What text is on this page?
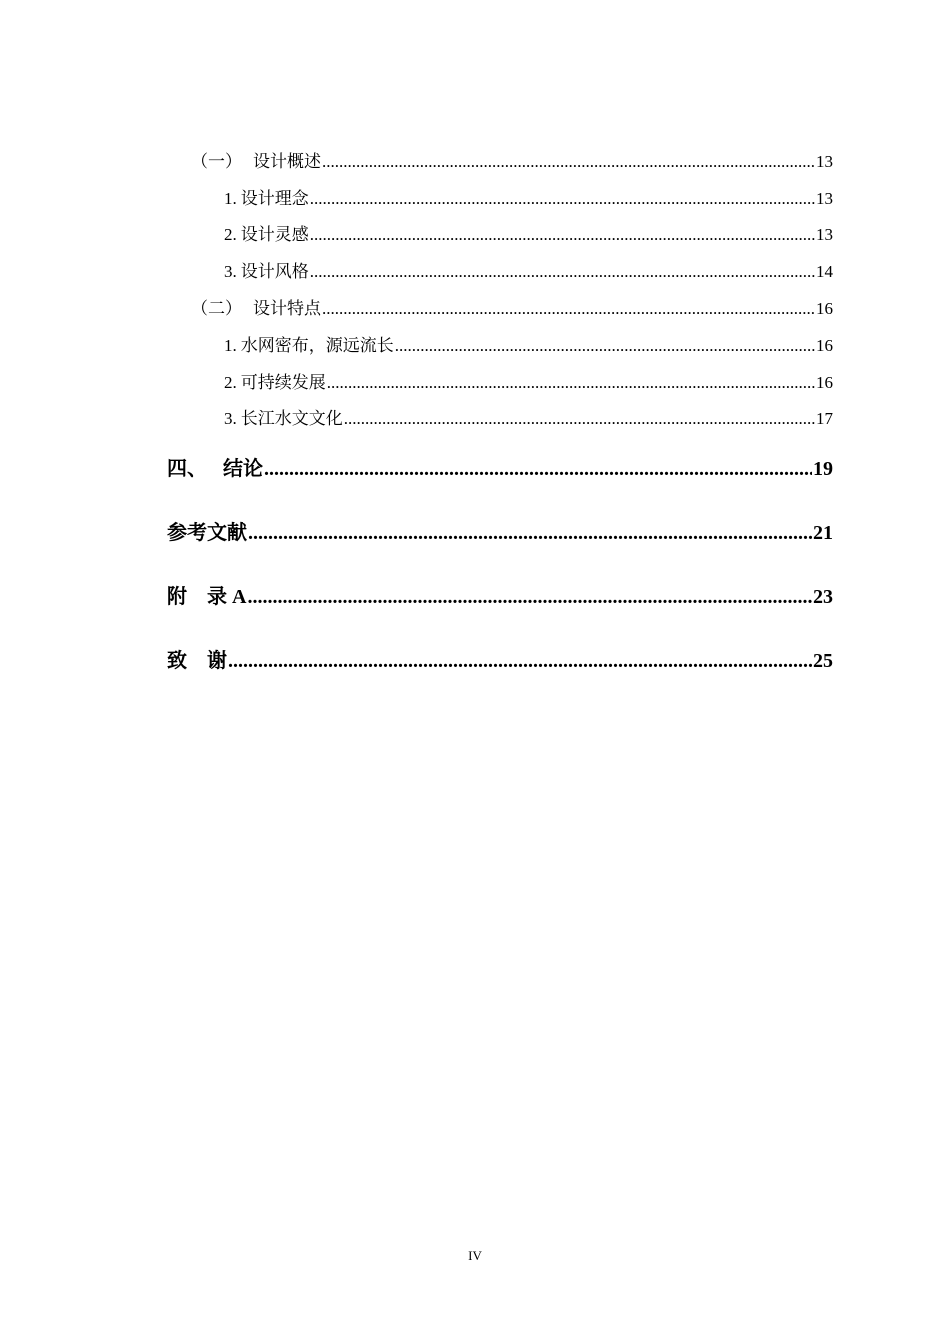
（一） 设计概述 .....	13
1. 设计理念 .....	13
2. 设计灵感 .....	13
3. 设计风格 .....	14
（二） 设计特点 .....	16
1. 水网密布，源远流长 .....	16
2. 可持续发展 .....	16
3. 长江水文文化 .....	17
四、 结论 .....	19
参考文献 .....	21
附　录 A .....	23
致　谢 .....	25
IV
